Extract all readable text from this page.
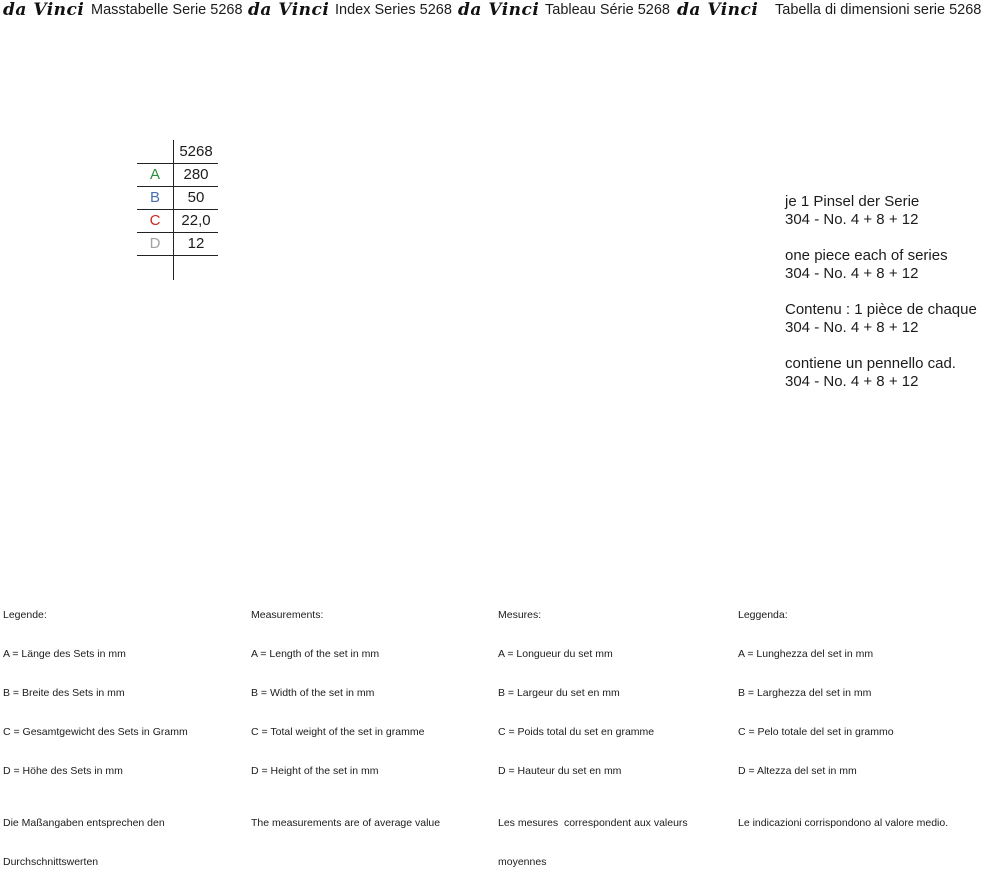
da Vinci Masstabelle Serie 5268 da Vinci Index Series 5268 da Vinci Tableau Série 5268 da Vinci Tabella di dimensioni serie 5268
5268
A	280
B	50
C	22,0
D	12
je 1 Pinsel der Serie
304 - No. 4 + 8 + 12
one piece each of series
304 - No. 4 + 8 + 12
Contenu : 1 pièce de chaque
304 - No. 4 + 8 + 12
contiene un pennello cad.
304 - No. 4 + 8 + 12

Legende:

A = Länge des Sets in mm

B = Breite des Sets in mm

C = Gesamtgewicht des Sets in Gramm

D = Höhe des Sets in mm

Die Maßangaben entsprechen den

Durchschnittswerten

Measurements:

A = Length of the set in mm

B = Width of the set in mm

C = Total weight of the set in gramme

D = Height of the set in mm

The measurements are of average value

Mesures:

A = Longueur du set mm

B = Largeur du set en mm

C = Poids total du set en gramme

D = Hauteur du set en mm

Les mesures  correspondent aux valeurs

moyennes

Leggenda:

A = Lunghezza del set in mm

B = Larghezza del set in mm

C = Pelo totale del set in grammo

D = Altezza del set in mm

Le indicazioni corrispondono al valore medio.
